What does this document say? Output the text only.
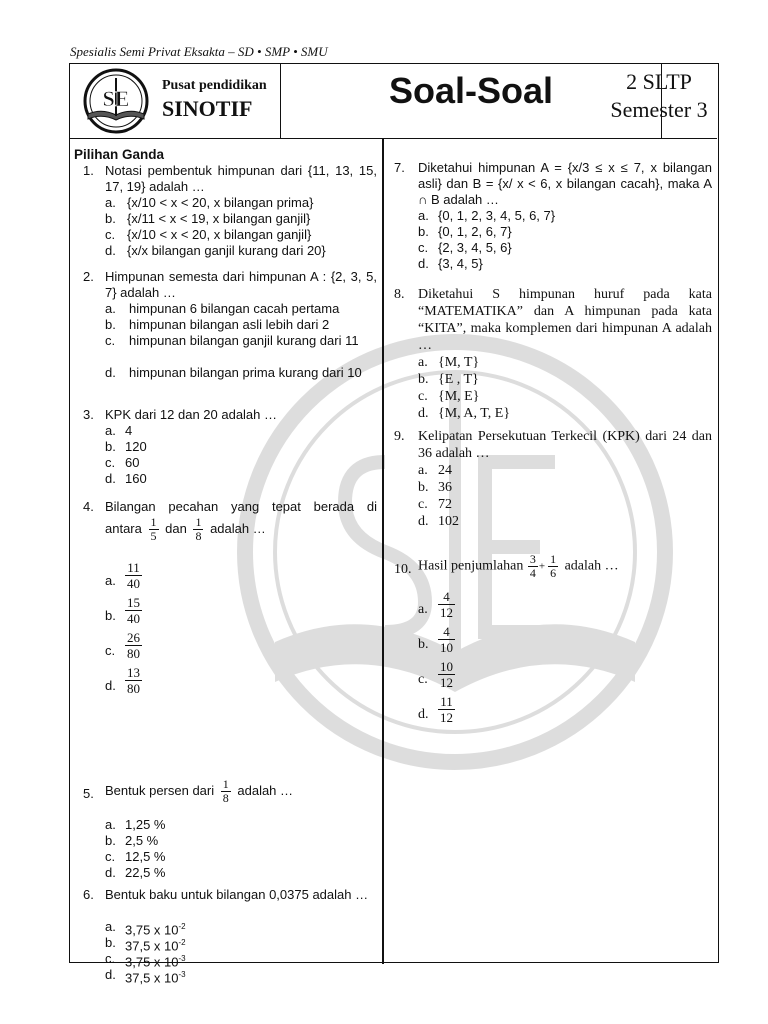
Spesialis Semi Privat Eksakta – SD • SMP • SMU
SE
Pusat pendidikan
SINOTIF	Soal-Soal	2 SLTP
Semester 3
Pilihan Ganda
1. Notasi pembentuk himpunan dari {11, 13, 15, 17, 19} adalah …
a. {x/10 < x < 20, x bilangan prima}
b. {x/11 < x < 19, x bilangan ganjil}
c. {x/10 < x < 20, x bilangan ganjil}
d. {x/x bilangan ganjil kurang dari 20}
2. Himpunan semesta dari himpunan A : {2, 3, 5, 7} adalah …
a. himpunan 6 bilangan cacah pertama
b. himpunan bilangan asli lebih dari 2
c. himpunan bilangan ganjil kurang dari 11
d. himpunan bilangan prima kurang dari 10
3. KPK dari 12 dan 20 adalah …
a. 4
b. 120
c. 60
d. 160
4. Bilangan pecahan yang tepat berada di
antara $\frac{1}{5}$ dan $\frac{1}{8}$ adalah …
a. $\frac{11}{40}$
b. $\frac{15}{40}$
c. $\frac{26}{80}$
d. $\frac{13}{80}$
5. Bentuk persen dari $\frac{1}{8}$ adalah …
a. 1,25 %
b. 2,5 %
c. 12,5 %
d. 22,5 %
6. Bentuk baku untuk bilangan 0,0375 adalah …
a. 3,75 x $10^{-2}$
b. 37,5 x $10^{-2}$
c. 3,75 x $10^{-3}$
d. 37,5 x $10^{-3}$
7. Diketahui himpunan A = {x/3 ≤ x ≤ 7, x bilangan asli} dan B = {x/ x < 6, x bilangan cacah}, maka A ∩ B adalah …
a. {0, 1, 2, 3, 4, 5, 6, 7}
b. {0, 1, 2, 6, 7}
c. {2, 3, 4, 5, 6}
d. {3, 4, 5}
8. Diketahui S himpunan huruf pada kata “MATEMATIKA” dan A himpunan pada kata “KITA”, maka komplemen dari himpunan A adalah …
a. {M, T}
b. {E , T}
c. {M, E}
d. {M, A, T, E}
9. Kelipatan Persekutuan Terkecil (KPK) dari 24 dan 36 adalah …
a. 24
b. 36
c. 72
d. 102
10. Hasil penjumlahan $\frac{3}{4} + \frac{1}{6}$ adalah …
a. $\frac{4}{12}$
b. $\frac{4}{10}$
c. $\frac{10}{12}$
d. $\frac{11}{12}$
